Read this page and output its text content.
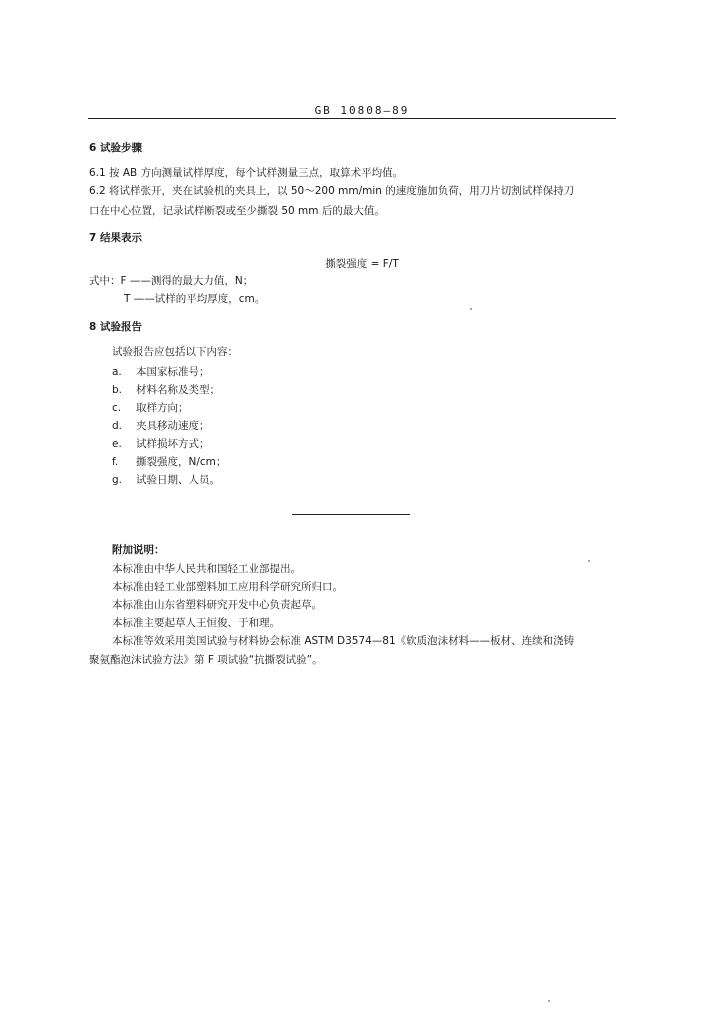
GB 10808—89
6 试验步骤
6.1 按 AB 方向测量试样厚度，每个试样测量三点，取算术平均值。
6.2 将试样张开，夹在试验机的夹具上，以 50～200 mm/min 的速度施加负荷，用刀片切割试样保持刀
口在中心位置，记录试样断裂或至少撕裂 50 mm 后的最大值。
7 结果表示
撕裂强度 = F/T
式中：F ——测得的最大力值，N；
T ——试样的平均厚度，cm。
8 试验报告
试验报告应包括以下内容：
a. 本国家标准号；
b. 材料名称及类型；
c. 取样方向；
d. 夹具移动速度；
e. 试样损坏方式；
f. 撕裂强度，N/cm；
g. 试验日期、人员。
附加说明：
本标准由中华人民共和国轻工业部提出。
本标准由轻工业部塑料加工应用科学研究所归口。
本标准由山东省塑料研究开发中心负责起草。
本标准主要起草人王恒俊、于和理。
本标准等效采用美国试验与材料协会标准 ASTM D3574—81《软质泡沫材料——板材、连续和浇铸
聚氨酯泡沫试验方法》第 F 项试验“抗撕裂试验”。
